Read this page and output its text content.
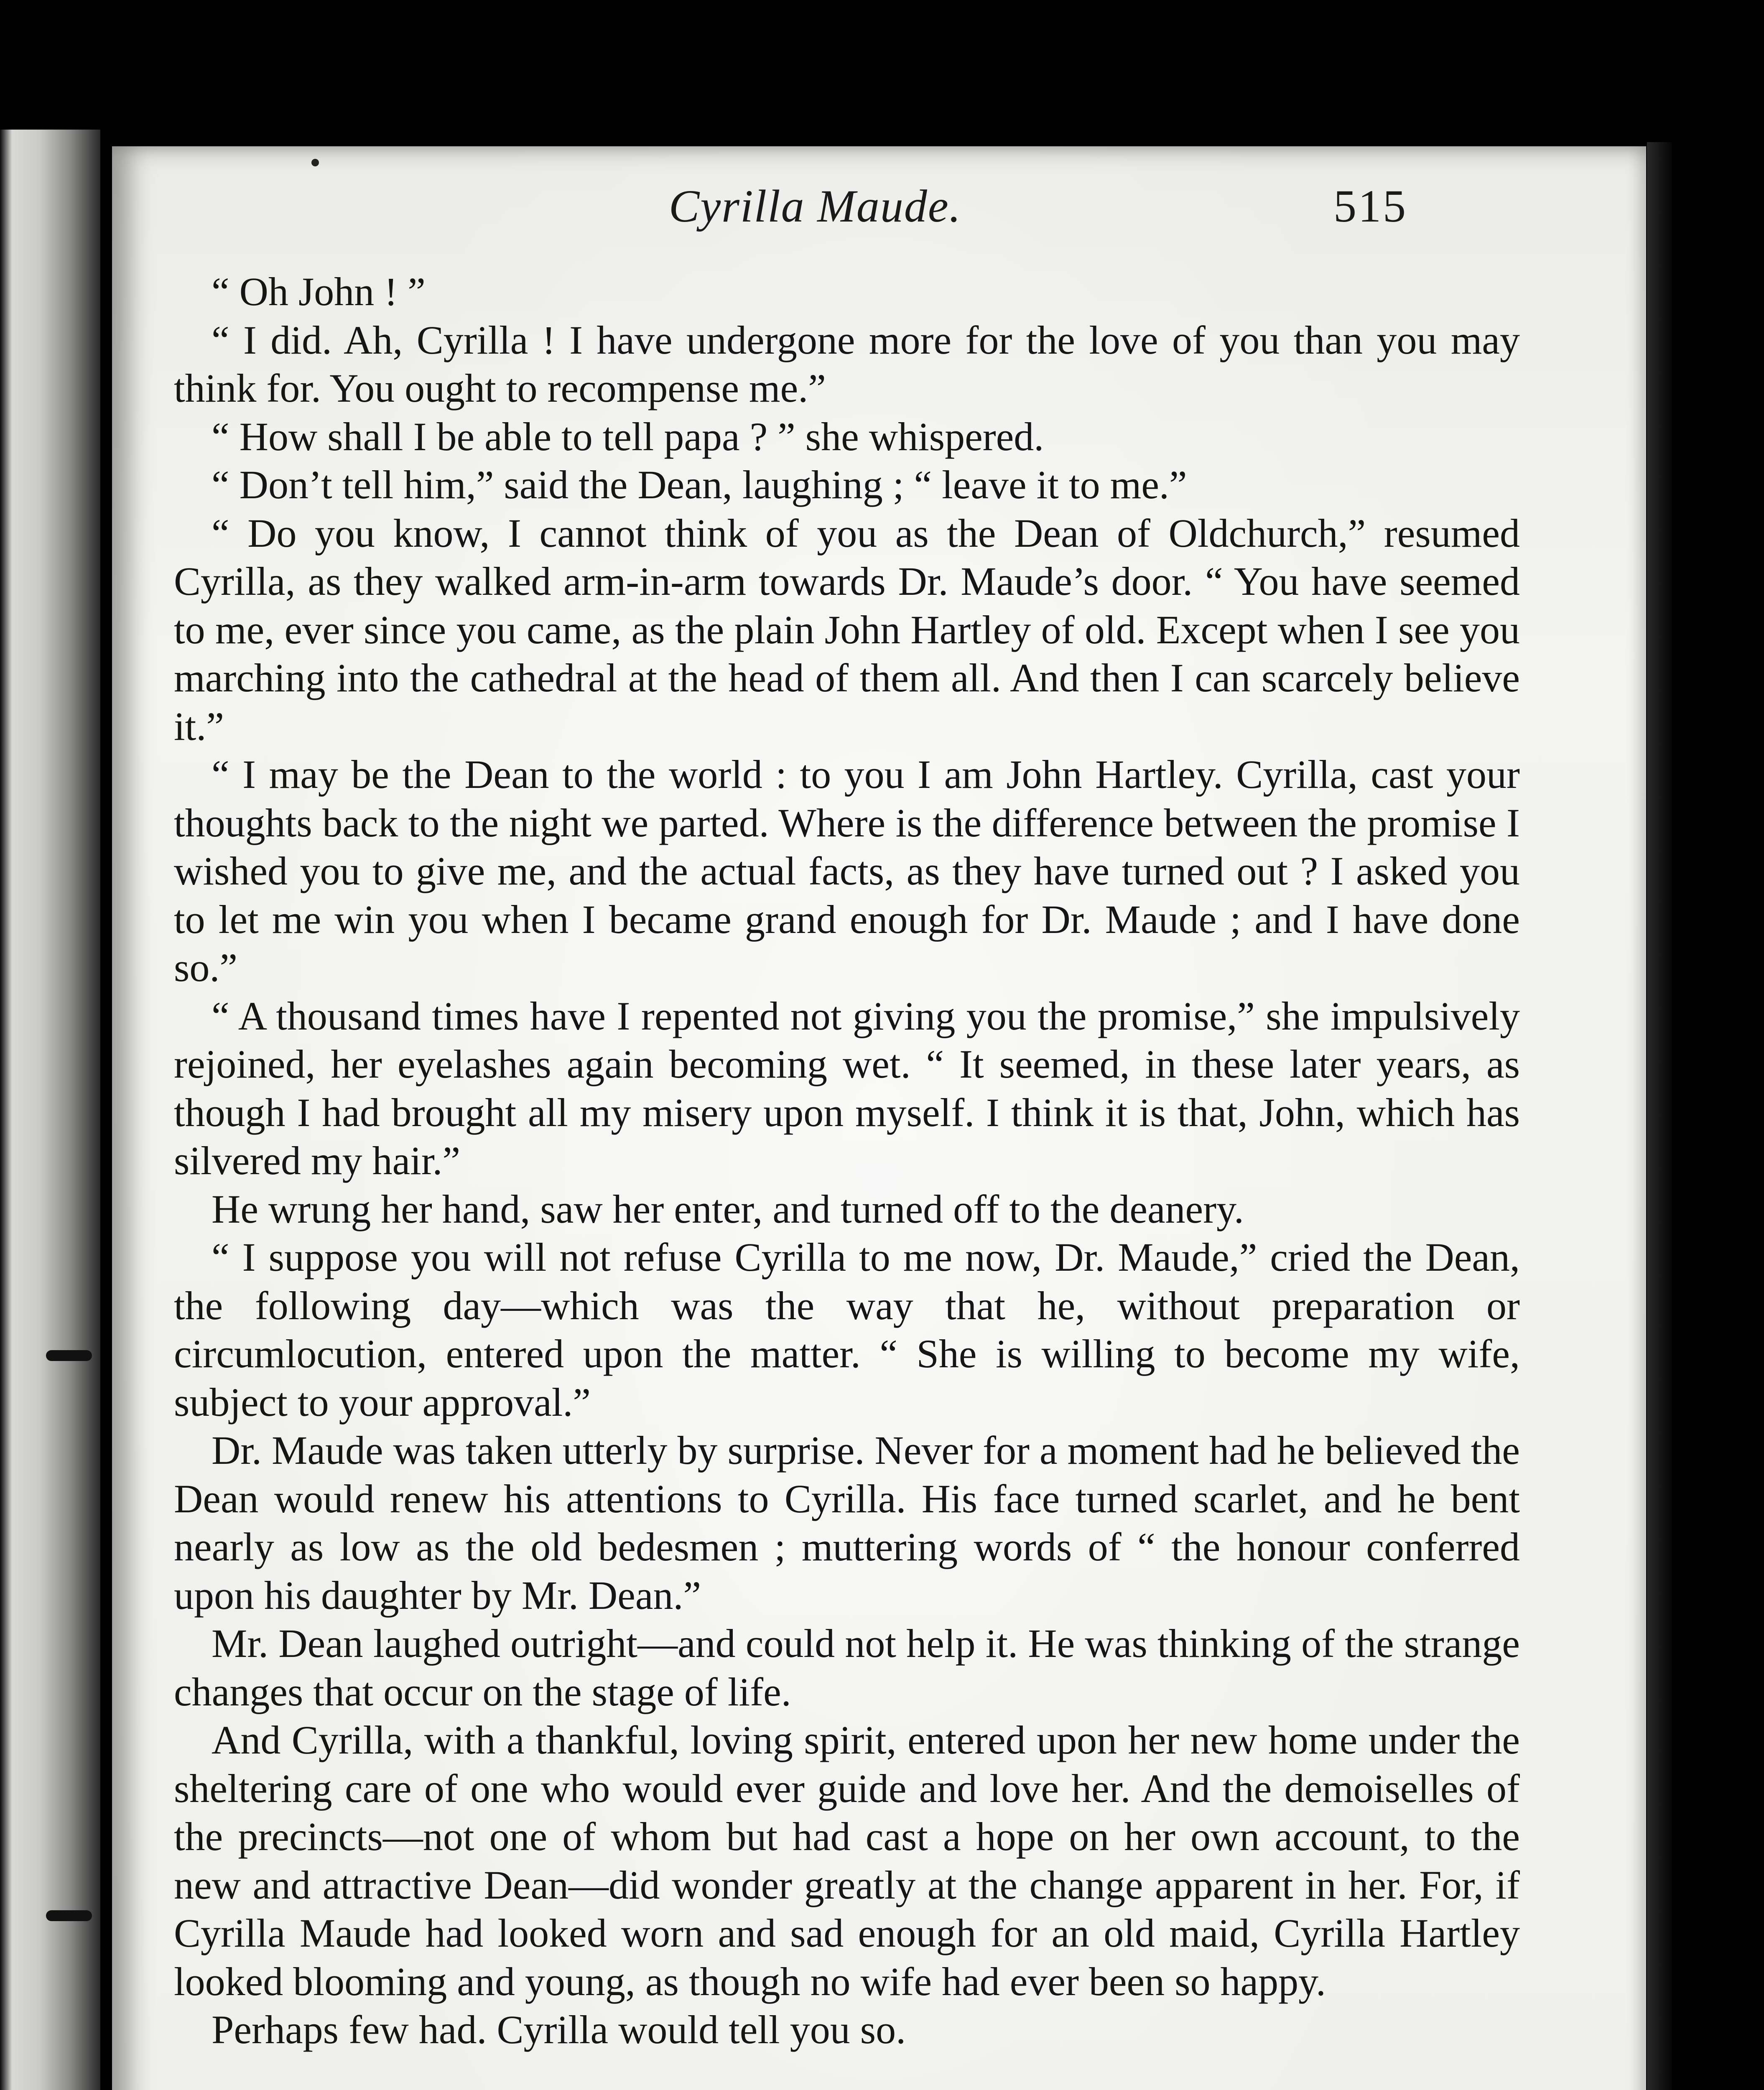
Cyrilla Maude.	515

“ Oh John ! ”

“ I did. Ah, Cyrilla ! I have undergone more for the love of you than you may think for. You ought to recompense me.”

“ How shall I be able to tell papa ? ” she whispered.

“ Don’t tell him,” said the Dean, laughing ; “ leave it to me.”

“ Do you know, I cannot think of you as the Dean of Oldchurch,” resumed Cyrilla, as they walked arm-in-arm towards Dr. Maude’s door. “ You have seemed to me, ever since you came, as the plain John Hartley of old. Except when I see you marching into the cathedral at the head of them all. And then I can scarcely believe it.”

“ I may be the Dean to the world : to you I am John Hartley. Cyrilla, cast your thoughts back to the night we parted. Where is the difference between the promise I wished you to give me, and the actual facts, as they have turned out ? I asked you to let me win you when I became grand enough for Dr. Maude ; and I have done so.”

“ A thousand times have I repented not giving you the promise,” she impulsively rejoined, her eyelashes again becoming wet. “ It seemed, in these later years, as though I had brought all my misery upon myself. I think it is that, John, which has silvered my hair.”

He wrung her hand, saw her enter, and turned off to the deanery.

“ I suppose you will not refuse Cyrilla to me now, Dr. Maude,” cried the Dean, the following day—which was the way that he, without preparation or circumlocution, entered upon the matter. “ She is willing to become my wife, subject to your approval.”

Dr. Maude was taken utterly by surprise. Never for a moment had he believed the Dean would renew his attentions to Cyrilla. His face turned scarlet, and he bent nearly as low as the old bedesmen ; muttering words of “ the honour conferred upon his daughter by Mr. Dean.”

Mr. Dean laughed outright—and could not help it. He was thinking of the strange changes that occur on the stage of life.

And Cyrilla, with a thankful, loving spirit, entered upon her new home under the sheltering care of one who would ever guide and love her. And the demoiselles of the precincts—not one of whom but had cast a hope on her own account, to the new and attractive Dean—did wonder greatly at the change apparent in her. For, if Cyrilla Maude had looked worn and sad enough for an old maid, Cyrilla Hartley looked blooming and young, as though no wife had ever been so happy.

Perhaps few had. Cyrilla would tell you so.
